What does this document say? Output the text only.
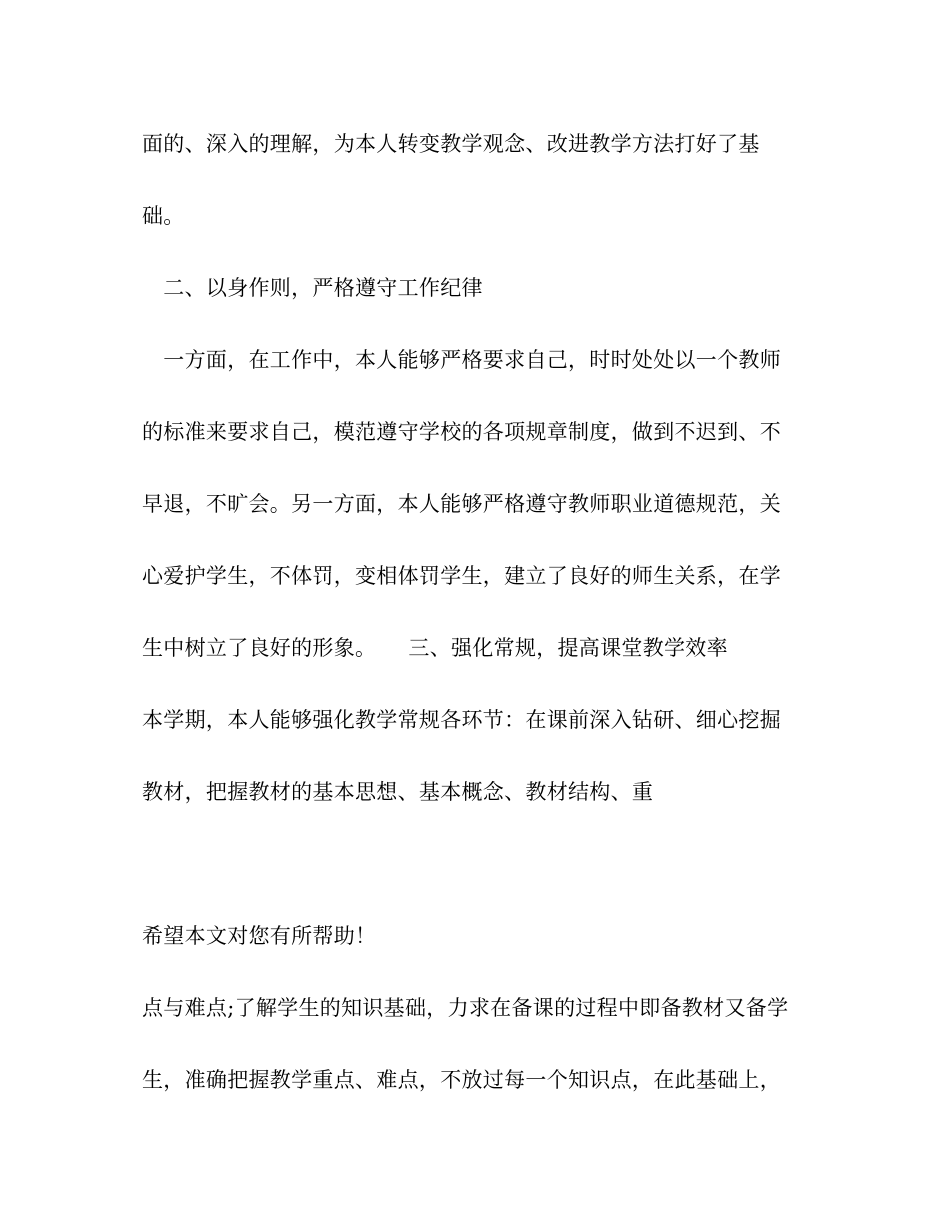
面的、深入的理解，为本人转变教学观念、改进教学方法打好了基

础。

　二、以身作则，严格遵守工作纪律

　一方面，在工作中，本人能够严格要求自己，时时处处以一个教师

的标准来要求自己，模范遵守学校的各项规章制度，做到不迟到、不

早退，不旷会。另一方面，本人能够严格遵守教师职业道德规范，关

心爱护学生，不体罚，变相体罚学生，建立了良好的师生关系，在学

生中树立了良好的形象。　　三、强化常规，提高课堂教学效率

本学期，本人能够强化教学常规各环节：在课前深入钻研、细心挖掘

教材，把握教材的基本思想、基本概念、教材结构、重

希望本文对您有所帮助！

点与难点;了解学生的知识基础，力求在备课的过程中即备教材又备学

生，准确把握教学重点、难点，不放过每一个知识点，在此基础上，
